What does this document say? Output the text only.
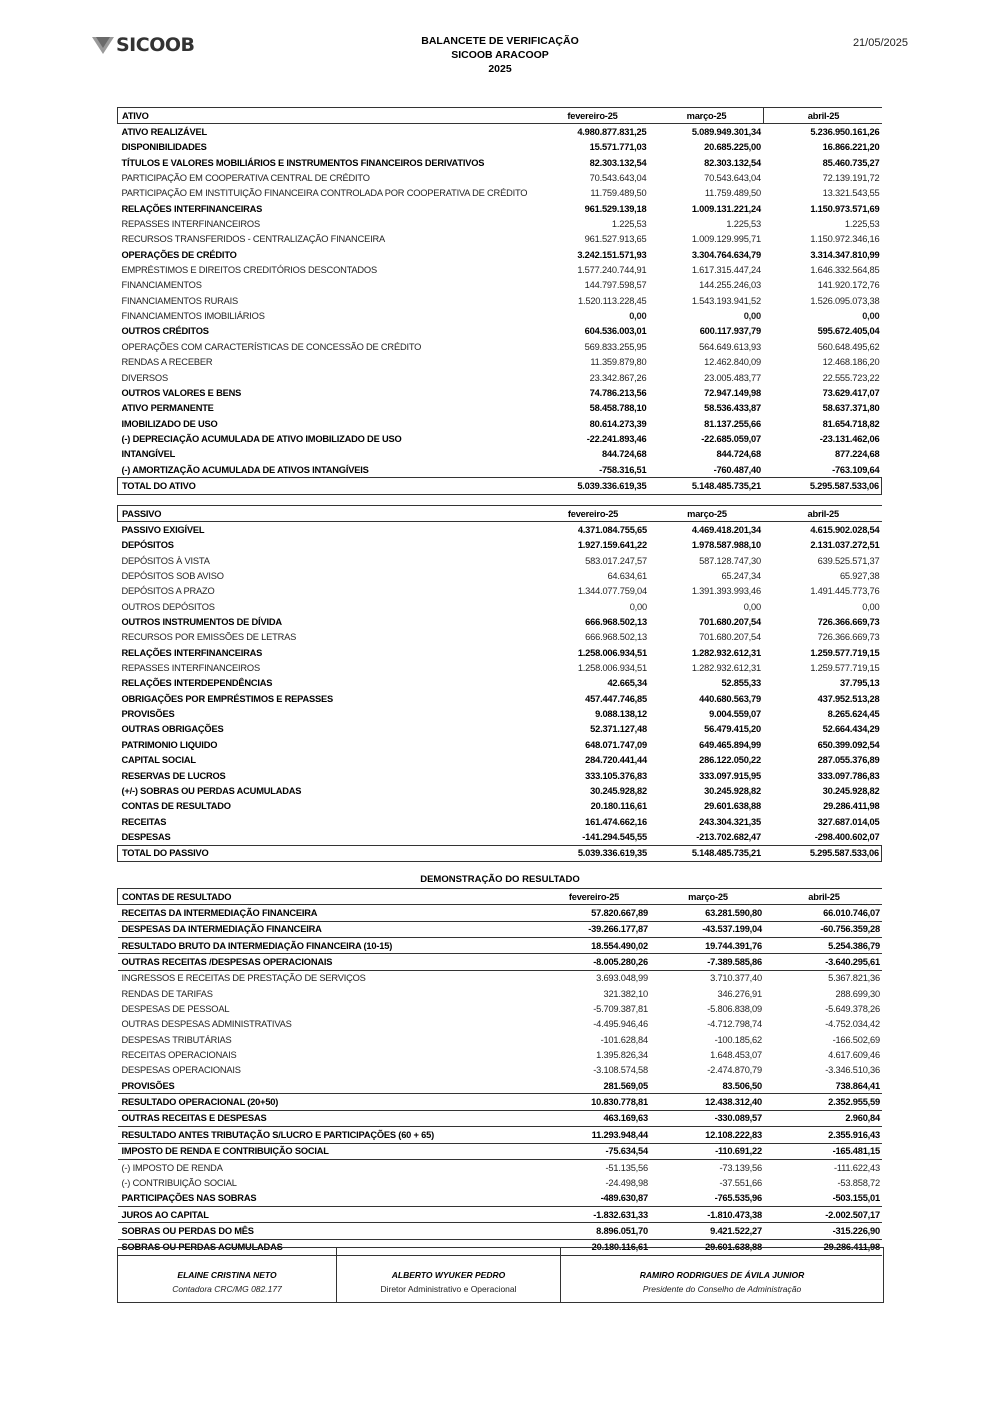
SICOOB	BALANCETE DE VERIFICAÇÃO
SICOOB ARACOOP
2025
21/05/2025
ATIVO	fevereiro-25	março-25	abril-25
ATIVO REALIZÁVEL	4.980.877.831,25	5.089.949.301,34	5.236.950.161,26
DISPONIBILIDADES	15.571.771,03	20.685.225,00	16.866.221,20
TÍTULOS E VALORES MOBILIÁRIOS E INSTRUMENTOS FINANCEIROS DERIVATIVOS	82.303.132,54	82.303.132,54	85.460.735,27
PARTICIPAÇÃO EM COOPERATIVA CENTRAL DE CRÉDITO	70.543.643,04	70.543.643,04	72.139.191,72
PARTICIPAÇÃO EM INSTITUIÇÃO FINANCEIRA CONTROLADA POR COOPERATIVA DE CRÉDITO	11.759.489,50	11.759.489,50	13.321.543,55
RELAÇÕES INTERFINANCEIRAS	961.529.139,18	1.009.131.221,24	1.150.973.571,69
REPASSES INTERFINANCEIROS	1.225,53	1.225,53	1.225,53
RECURSOS TRANSFERIDOS - CENTRALIZAÇÃO FINANCEIRA	961.527.913,65	1.009.129.995,71	1.150.972.346,16
OPERAÇÕES DE CRÉDITO	3.242.151.571,93	3.304.764.634,79	3.314.347.810,99
EMPRÉSTIMOS E DIREITOS CREDITÓRIOS DESCONTADOS	1.577.240.744,91	1.617.315.447,24	1.646.332.564,85
FINANCIAMENTOS	144.797.598,57	144.255.246,03	141.920.172,76
FINANCIAMENTOS RURAIS	1.520.113.228,45	1.543.193.941,52	1.526.095.073,38
FINANCIAMENTOS IMOBILIÁRIOS	0,00	0,00	0,00
OUTROS CRÉDITOS	604.536.003,01	600.117.937,79	595.672.405,04
OPERAÇÕES COM CARACTERÍSTICAS DE CONCESSÃO DE CRÉDITO	569.833.255,95	564.649.613,93	560.648.495,62
RENDAS A RECEBER	11.359.879,80	12.462.840,09	12.468.186,20
DIVERSOS	23.342.867,26	23.005.483,77	22.555.723,22
OUTROS VALORES E BENS	74.786.213,56	72.947.149,98	73.629.417,07
ATIVO PERMANENTE	58.458.788,10	58.536.433,87	58.637.371,80
IMOBILIZADO DE USO	80.614.273,39	81.137.255,66	81.654.718,82
(-) DEPRECIAÇÃO ACUMULADA DE ATIVO IMOBILIZADO DE USO	-22.241.893,46	-22.685.059,07	-23.131.462,06
INTANGÍVEL	844.724,68	844.724,68	877.224,68
(-) AMORTIZAÇÃO ACUMULADA DE ATIVOS INTANGÍVEIS	-758.316,51	-760.487,40	-763.109,64
TOTAL DO ATIVO	5.039.336.619,35	5.148.485.735,21	5.295.587.533,06
PASSIVO	fevereiro-25	março-25	abril-25
PASSIVO EXIGÍVEL	4.371.084.755,65	4.469.418.201,34	4.615.902.028,54
DEPÓSITOS	1.927.159.641,22	1.978.587.988,10	2.131.037.272,51
DEPÓSITOS À VISTA	583.017.247,57	587.128.747,30	639.525.571,37
DEPÓSITOS SOB AVISO	64.634,61	65.247,34	65.927,38
DEPÓSITOS A PRAZO	1.344.077.759,04	1.391.393.993,46	1.491.445.773,76
OUTROS DEPÓSITOS	0,00	0,00	0,00
OUTROS INSTRUMENTOS DE DÍVIDA	666.968.502,13	701.680.207,54	726.366.669,73
RECURSOS POR EMISSÕES DE LETRAS	666.968.502,13	701.680.207,54	726.366.669,73
RELAÇÕES INTERFINANCEIRAS	1.258.006.934,51	1.282.932.612,31	1.259.577.719,15
REPASSES INTERFINANCEIROS	1.258.006.934,51	1.282.932.612,31	1.259.577.719,15
RELAÇÕES INTERDEPENDÊNCIAS	42.665,34	52.855,33	37.795,13
OBRIGAÇÕES POR EMPRÉSTIMOS E REPASSES	457.447.746,85	440.680.563,79	437.952.513,28
PROVISÕES	9.088.138,12	9.004.559,07	8.265.624,45
OUTRAS OBRIGAÇÕES	52.371.127,48	56.479.415,20	52.664.434,29
PATRIMONIO LIQUIDO	648.071.747,09	649.465.894,99	650.399.092,54
CAPITAL SOCIAL	284.720.441,44	286.122.050,22	287.055.376,89
RESERVAS DE LUCROS	333.105.376,83	333.097.915,95	333.097.786,83
(+/-) SOBRAS OU PERDAS ACUMULADAS	30.245.928,82	30.245.928,82	30.245.928,82
CONTAS DE RESULTADO	20.180.116,61	29.601.638,88	29.286.411,98
RECEITAS	161.474.662,16	243.304.321,35	327.687.014,05
DESPESAS	-141.294.545,55	-213.702.682,47	-298.400.602,07
TOTAL DO PASSIVO	5.039.336.619,35	5.148.485.735,21	5.295.587.533,06
DEMONSTRAÇÃO DO RESULTADO
CONTAS DE RESULTADO	fevereiro-25	março-25	abril-25
RECEITAS DA INTERMEDIAÇÃO FINANCEIRA	57.820.667,89	63.281.590,80	66.010.746,07
DESPESAS DA INTERMEDIAÇÃO FINANCEIRA	-39.266.177,87	-43.537.199,04	-60.756.359,28
RESULTADO BRUTO DA INTERMEDIAÇÃO FINANCEIRA (10-15)	18.554.490,02	19.744.391,76	5.254.386,79
OUTRAS RECEITAS /DESPESAS OPERACIONAIS	-8.005.280,26	-7.389.585,86	-3.640.295,61
INGRESSOS E RECEITAS DE PRESTAÇÃO DE SERVIÇOS	3.693.048,99	3.710.377,40	5.367.821,36
RENDAS DE TARIFAS	321.382,10	346.276,91	288.699,30
DESPESAS DE PESSOAL	-5.709.387,81	-5.806.838,09	-5.649.378,26
OUTRAS DESPESAS ADMINISTRATIVAS	-4.495.946,46	-4.712.798,74	-4.752.034,42
DESPESAS TRIBUTÁRIAS	-101.628,84	-100.185,62	-166.502,69
RECEITAS OPERACIONAIS	1.395.826,34	1.648.453,07	4.617.609,46
DESPESAS OPERACIONAIS	-3.108.574,58	-2.474.870,79	-3.346.510,36
PROVISÕES	281.569,05	83.506,50	738.864,41
RESULTADO OPERACIONAL (20+50)	10.830.778,81	12.438.312,40	2.352.955,59
OUTRAS RECEITAS E DESPESAS	463.169,63	-330.089,57	2.960,84
RESULTADO ANTES TRIBUTAÇÃO S/LUCRO E PARTICIPAÇÕES (60 + 65)	11.293.948,44	12.108.222,83	2.355.916,43
IMPOSTO DE RENDA E CONTRIBUIÇÃO SOCIAL	-75.634,54	-110.691,22	-165.481,15
(-) IMPOSTO DE RENDA	-51.135,56	-73.139,56	-111.622,43
(-) CONTRIBUIÇÃO SOCIAL	-24.498,98	-37.551,66	-53.858,72
PARTICIPAÇÕES NAS SOBRAS	-489.630,87	-765.535,96	-503.155,01
JUROS AO CAPITAL	-1.832.631,33	-1.810.473,38	-2.002.507,17
SOBRAS OU PERDAS DO MÊS	8.896.051,70	9.421.522,27	-315.226,90
SOBRAS OU PERDAS ACUMULADAS	20.180.116,61	29.601.638,88	29.286.411,98
ELAINE CRISTINA NETO
Contadora CRC/MG 082.177
ALBERTO WYUKER PEDRO
Diretor Administrativo e Operacional
RAMIRO RODRIGUES DE ÁVILA JUNIOR
Presidente do Conselho de Administração
